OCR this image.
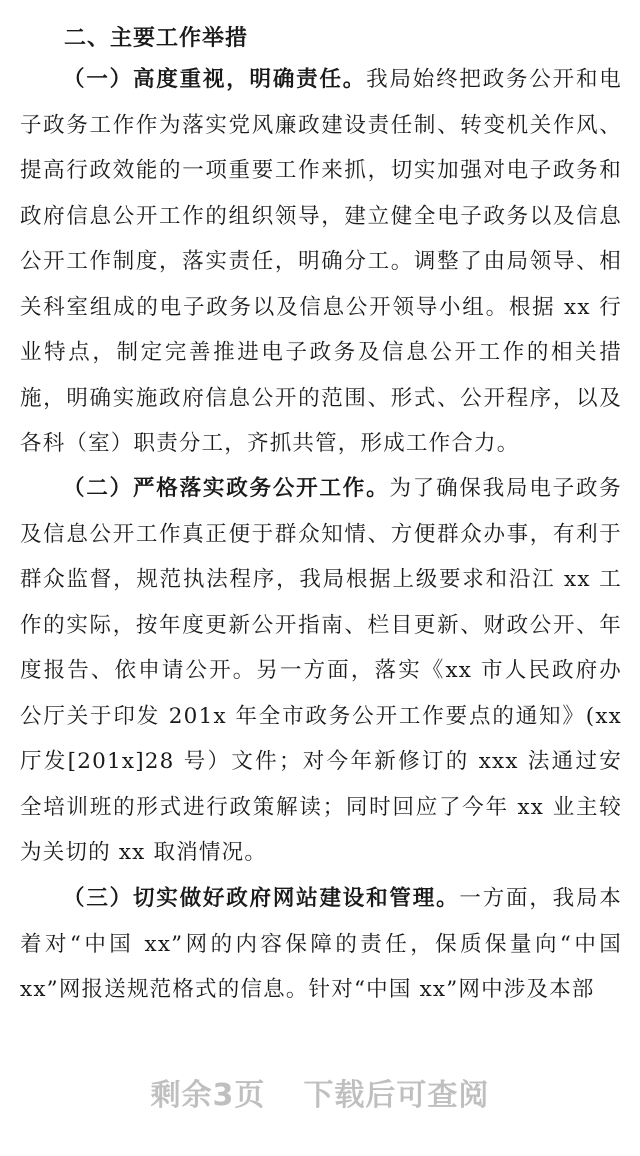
二、主要工作举措

（一）高度重视，明确责任。我局始终把政务公开和电子政务工作作为落实党风廉政建设责任制、转变机关作风、提高行政效能的一项重要工作来抓，切实加强对电子政务和政府信息公开工作的组织领导，建立健全电子政务以及信息公开工作制度，落实责任，明确分工。调整了由局领导、相关科室组成的电子政务以及信息公开领导小组。根据 xx 行业特点，制定完善推进电子政务及信息公开工作的相关措施，明确实施政府信息公开的范围、形式、公开程序，以及各科（室）职责分工，齐抓共管，形成工作合力。

（二）严格落实政务公开工作。为了确保我局电子政务及信息公开工作真正便于群众知情、方便群众办事，有利于群众监督，规范执法程序，我局根据上级要求和沿江 xx 工作的实际，按年度更新公开指南、栏目更新、财政公开、年度报告、依申请公开。另一方面，落实《xx 市人民政府办公厅关于印发 201x 年全市政务公开工作要点的通知》(xx 厅发[201x]28 号）文件；对今年新修订的 xxx 法通过安全培训班的形式进行政策解读；同时回应了今年 xx 业主较为关切的 xx 取消情况。

（三）切实做好政府网站建设和管理。一方面，我局本着对“中国 xx”网的内容保障的责任，保质保量向“中国 xx”网报送规范格式的信息。针对“中国 xx”网中涉及本部

剩余3页 下载后可查阅
